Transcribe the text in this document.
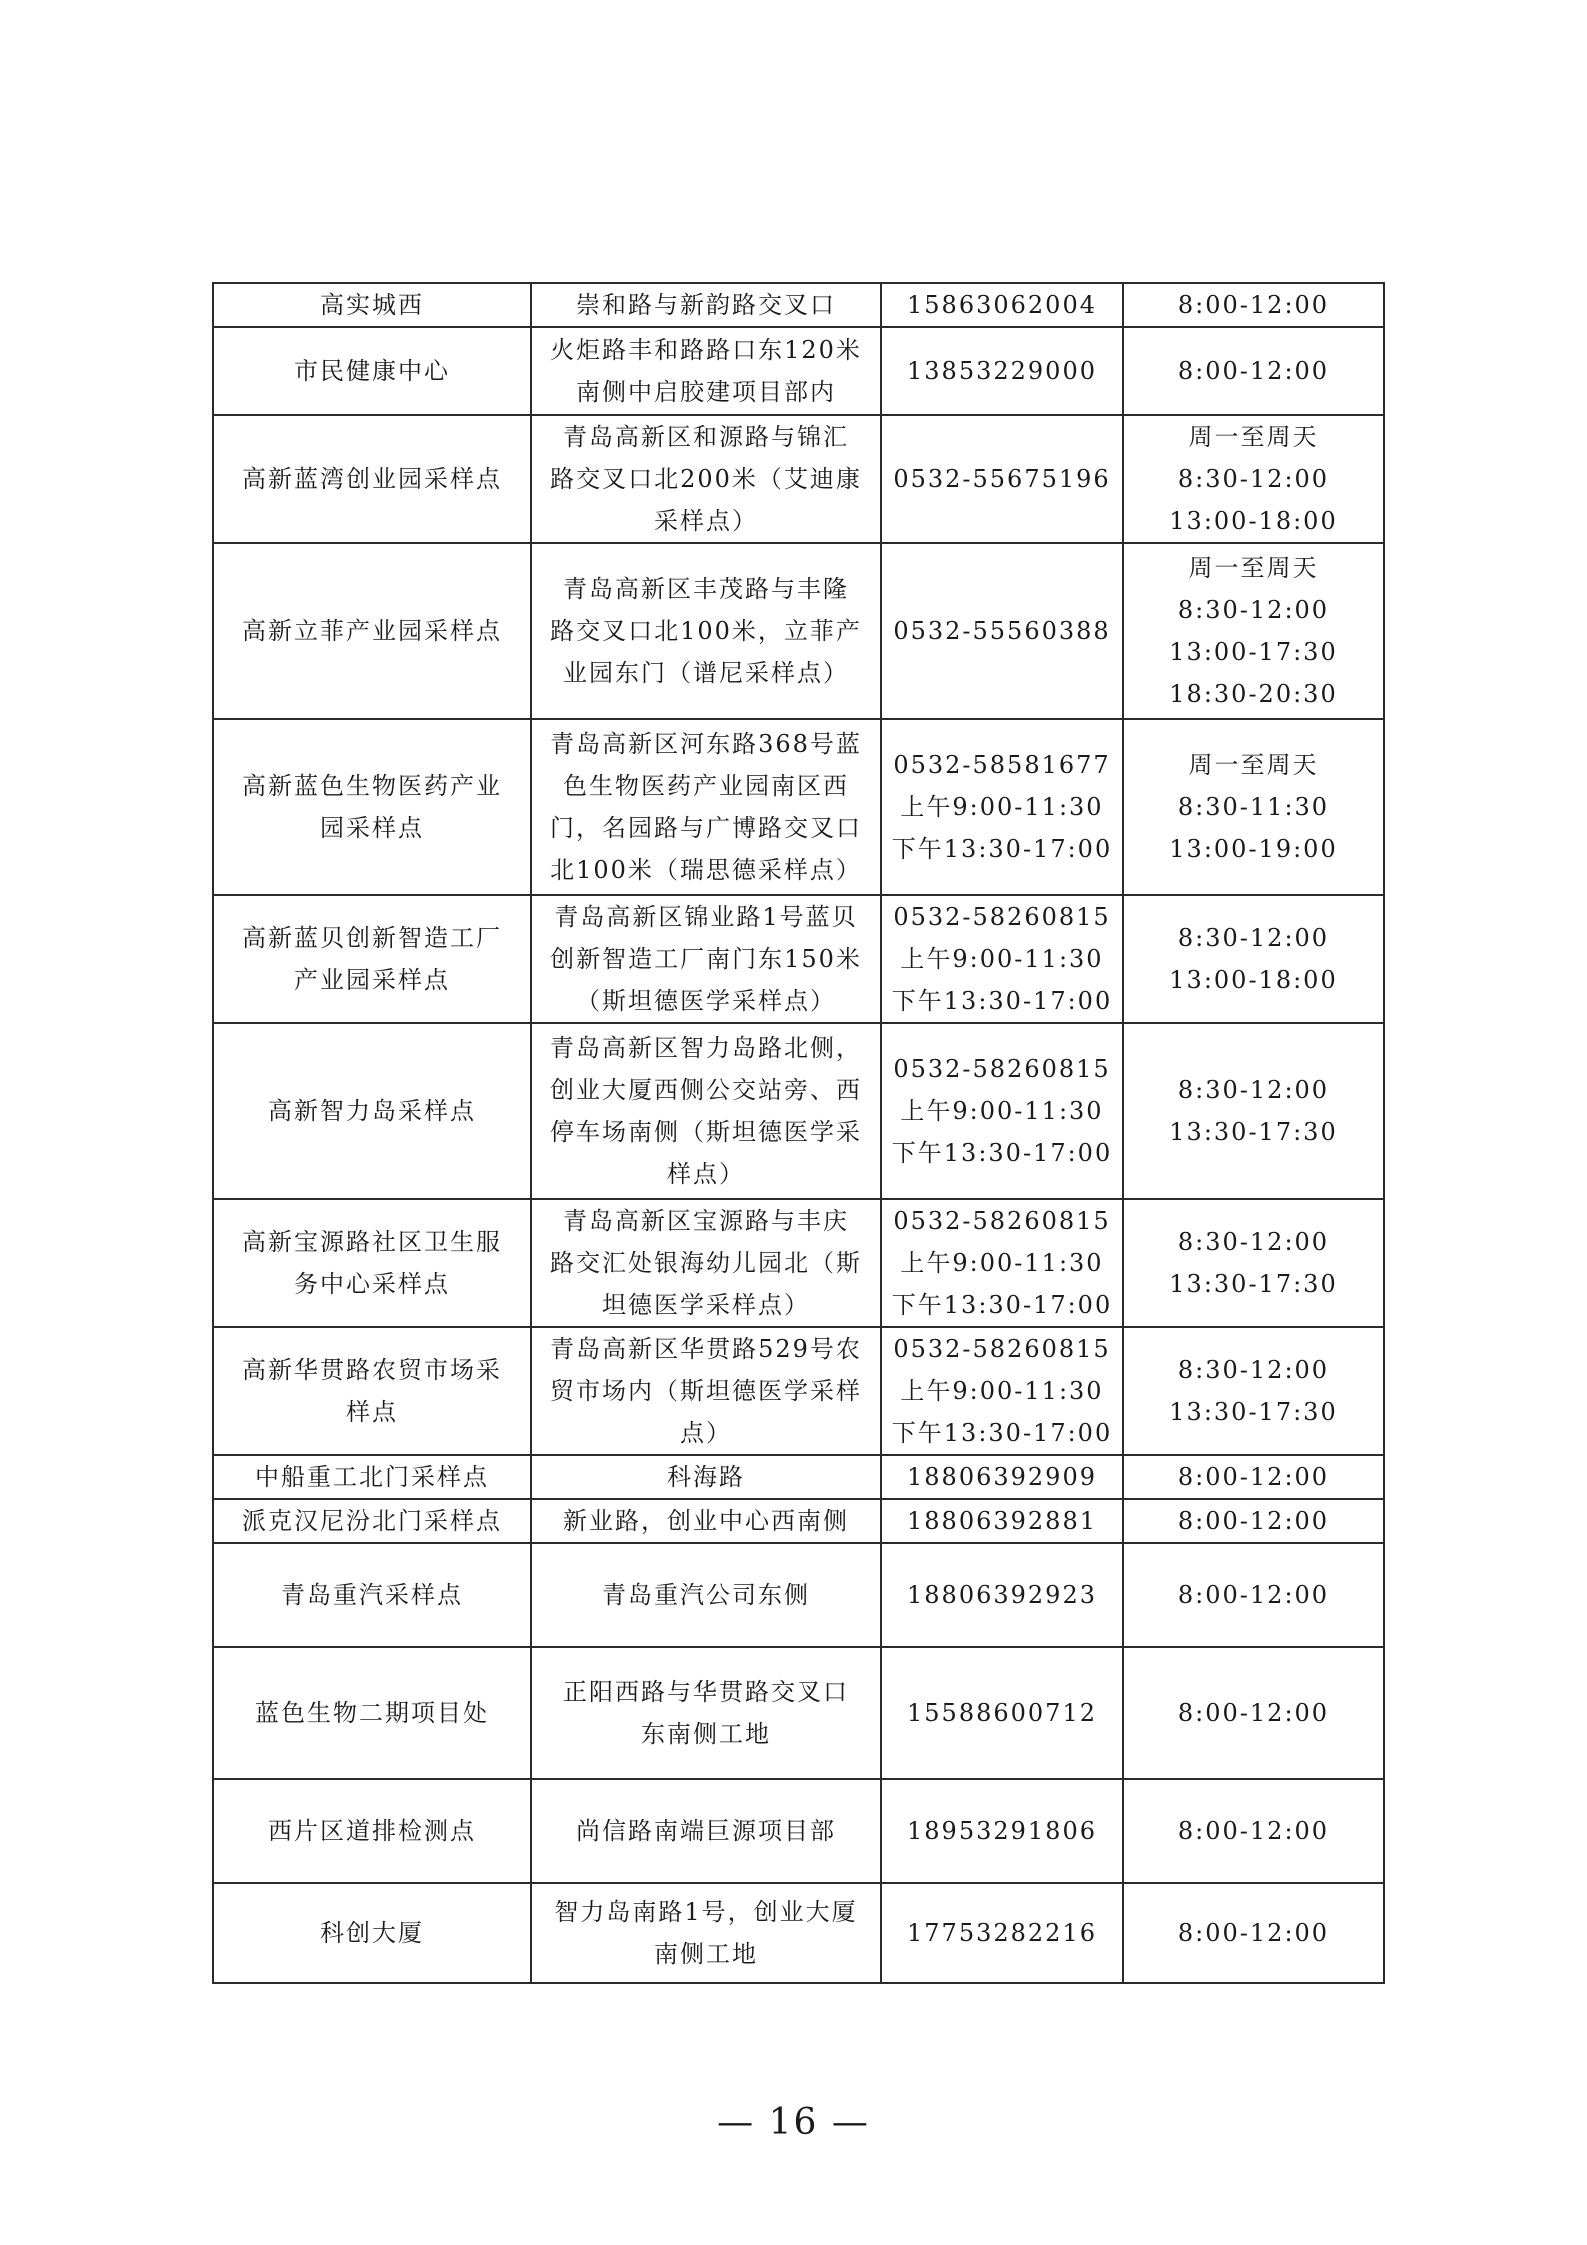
高实城西	崇和路与新韵路交叉口	15863062004	8:00-12:00

市民健康中心	火炬路丰和路路口东120米
南侧中启胶建项目部内	13853229000	8:00-12:00

高新蓝湾创业园采样点	青岛高新区和源路与锦汇
路交叉口北200米（艾迪康
采样点）	0532-55675196	周一至周天
8:30-12:00
13:00-18:00

高新立菲产业园采样点	青岛高新区丰茂路与丰隆
路交叉口北100米，立菲产
业园东门（谱尼采样点）	0532-55560388	周一至周天
8:30-12:00
13:00-17:30
18:30-20:30

高新蓝色生物医药产业
园采样点	青岛高新区河东路368号蓝
色生物医药产业园南区西
门，名园路与广博路交叉口
北100米（瑞思德采样点）	0532-58581677
上午9:00-11:30
下午13:30-17:00	周一至周天
8:30-11:30
13:00-19:00

高新蓝贝创新智造工厂
产业园采样点	青岛高新区锦业路1号蓝贝
创新智造工厂南门东150米
（斯坦德医学采样点）	0532-58260815
上午9:00-11:30
下午13:30-17:00	8:30-12:00
13:00-18:00

高新智力岛采样点	青岛高新区智力岛路北侧，
创业大厦西侧公交站旁、西
停车场南侧（斯坦德医学采
样点）	0532-58260815
上午9:00-11:30
下午13:30-17:00	8:30-12:00
13:30-17:30

高新宝源路社区卫生服
务中心采样点	青岛高新区宝源路与丰庆
路交汇处银海幼儿园北（斯
坦德医学采样点）	0532-58260815
上午9:00-11:30
下午13:30-17:00	8:30-12:00
13:30-17:30

高新华贯路农贸市场采
样点	青岛高新区华贯路529号农
贸市场内（斯坦德医学采样
点）	0532-58260815
上午9:00-11:30
下午13:30-17:00	8:30-12:00
13:30-17:30

中船重工北门采样点	科海路	18806392909	8:00-12:00

派克汉尼汾北门采样点	新业路，创业中心西南侧	18806392881	8:00-12:00

青岛重汽采样点	青岛重汽公司东侧	18806392923	8:00-12:00

蓝色生物二期项目处	正阳西路与华贯路交叉口
东南侧工地	15588600712	8:00-12:00

西片区道排检测点	尚信路南端巨源项目部	18953291806	8:00-12:00

科创大厦	智力岛南路1号，创业大厦
南侧工地	17753282216	8:00-12:00
— 16 —
